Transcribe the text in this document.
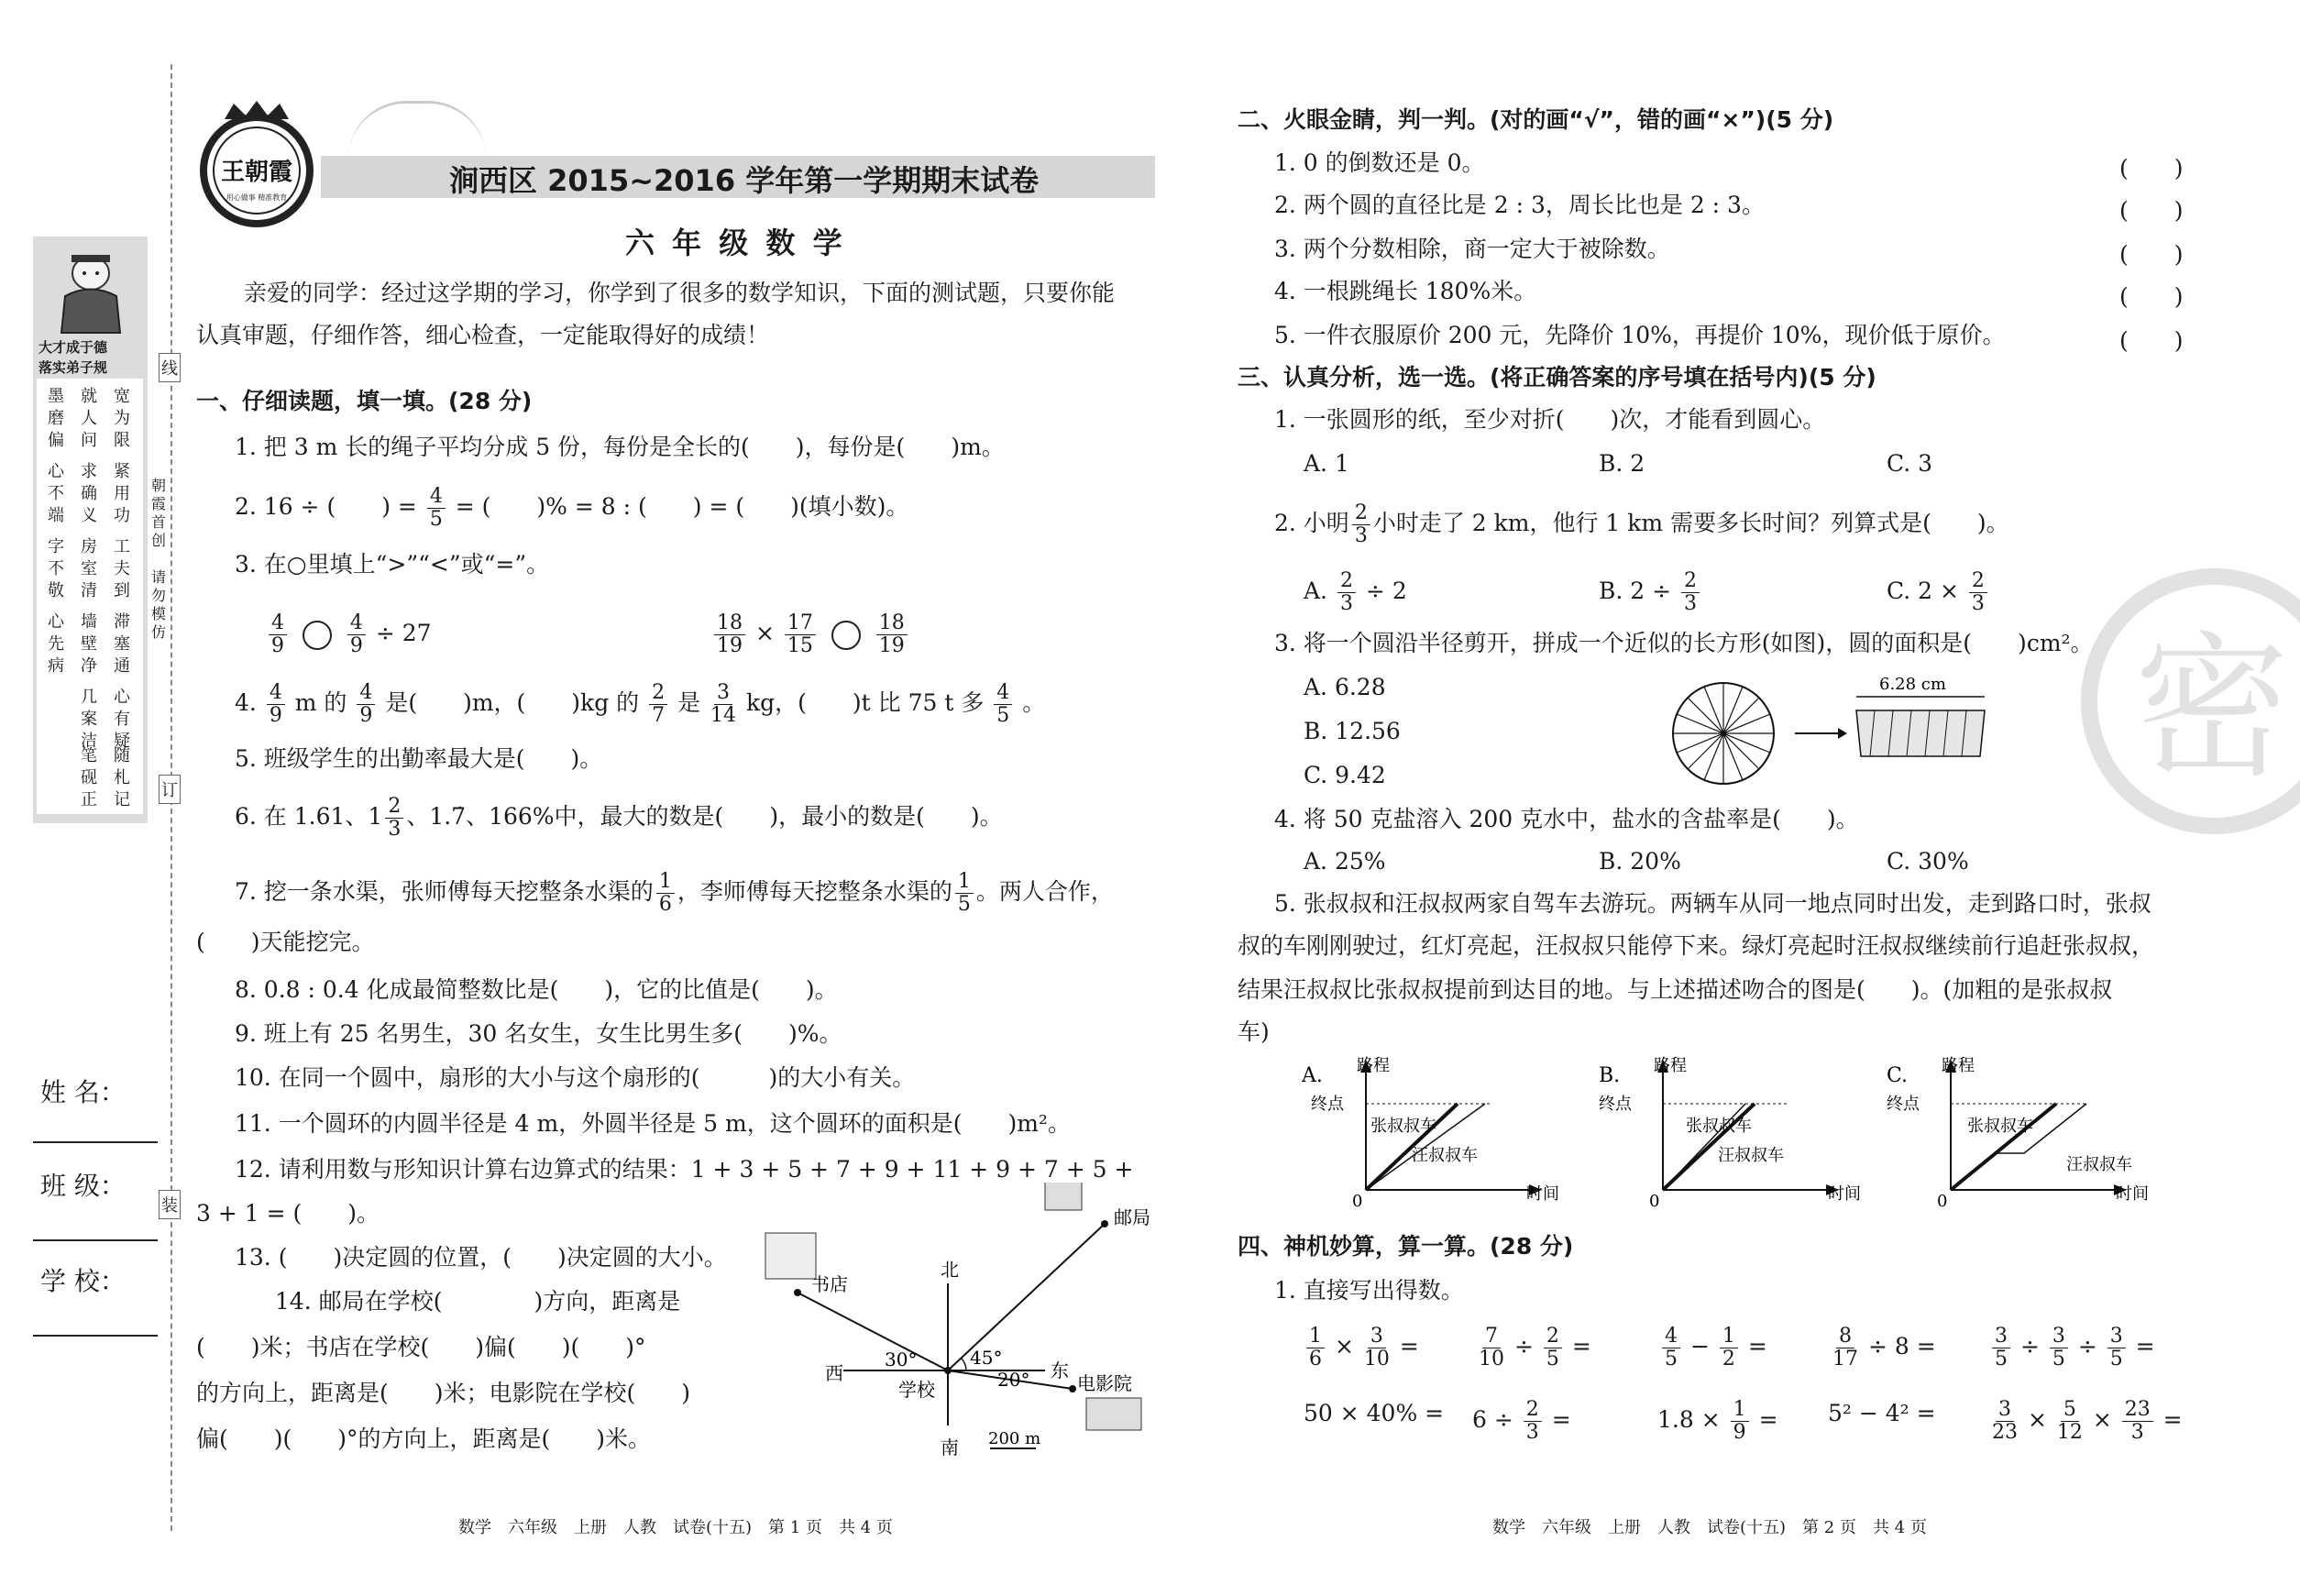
线
订
装
朝霞首创
请勿模仿
大才成于德
落实弟子规
宽为限
紧用功
工夫到
滞塞通
心有疑
随札记
就人问
求确义
房室清
墙壁净
几案洁
笔砚正
墨磨偏
心不端
字不敬
心先病
姓 名：
班 级：
学 校：
王朝霞
用心做事 精准教育	涧西区 2015~2016 学年第一学期期末试卷
六 年 级 数 学
亲爱的同学：经过这学期的学习，你学到了很多的数学知识，下面的测试题，只要你能
认真审题，仔细作答，细心检查，一定能取得好的成绩！
一、仔细读题，填一填。(28 分)
1. 把 3 m 长的绳子平均分成 5 份，每份是全长的(　　)，每份是(　　)m。
2. 16 ÷ (　　) = $\frac{4}{5}$ = (　　)% = 8 : (　　) = (　　)(填小数)。
3. 在○里填上“>”“<”或“=”。
$\frac{4}{9}$
	$\frac{4}{9} \div 27$	$\frac{18}{19} \times \frac{17}{15}$
	$\frac{18}{19}$
4. $\frac{4}{9}$ m 的 $\frac{4}{9}$ 是(　　)m，(　　)kg 的 $\frac{2}{7}$ 是 $\frac{3}{14}$ kg，(　　)t 比 75 t 多 $\frac{4}{5}$ 。
5. 班级学生的出勤率最大是(　　)。
6. 在 1.61、$1 \frac{2}{3}$ 、1.7̇、166%中，最大的数是(　　)，最小的数是(　　)。
7. 挖一条水渠，张师傅每天挖整条水渠的 $\frac{1}{6}$ ，李师傅每天挖整条水渠的 $\frac{1}{5}$ 。两人合作，
(　　)天能挖完。
8. 0.8 : 0.4 化成最简整数比是(　　)，它的比值是(　　)。
9. 班上有 25 名男生，30 名女生，女生比男生多(　　)%。
10. 在同一个圆中，扇形的大小与这个扇形的(　　　)的大小有关。
11. 一个圆环的内圆半径是 4 m，外圆半径是 5 m，这个圆环的面积是(　　)m²。
12. 请利用数与形知识计算右边算式的结果：1 + 3 + 5 + 7 + 9 + 11 + 9 + 7 + 5 +
3 + 1 = (　　)。
13. (　　)决定圆的位置，(　　)决定圆的大小。
14. 邮局在学校(　　　　)方向，距离是
(　　)米；书店在学校(　　)偏(　　)(　　)°
的方向上，距离是(　　)米；电影院在学校(　　)
偏(　　)(　　)°的方向上，距离是(　　)米。
北
南
西	东
学校
邮局
书店
电影院
45°
30°
20°
200 m
数学　六年级　上册　人教　试卷(十五)　第 1 页　共 4 页
二、火眼金睛，判一判。(对的画“√”，错的画“×”)(5 分)
1. 0 的倒数还是 0。
2. 两个圆的直径比是 2 : 3，周长比也是 2 : 3。
3. 两个分数相除，商一定大于被除数。
4. 一根跳绳长 180%米。
5. 一件衣服原价 200 元，先降价 10%，再提价 10%，现价低于原价。
(　　)
(　　)
(　　)
(　　)
(　　)
三、认真分析，选一选。(将正确答案的序号填在括号内)(5 分)
1. 一张圆形的纸，至少对折(　　)次，才能看到圆心。
A. 1	B. 2	C. 3
2. 小明 $\frac{2}{3}$ 小时走了 2 km，他行 1 km 需要多长时间？列算式是(　　)。
A. $\frac{2}{3} \div 2$	B. $2 \div \frac{2}{3}$	C. $2 \times \frac{2}{3}$
3. 将一个圆沿半径剪开，拼成一个近似的长方形(如图)，圆的面积是(　　)cm²。
A. 6.28
B. 12.56
C. 9.42
6.28 cm
4. 将 50 克盐溶入 200 克水中，盐水的含盐率是(　　)。
A. 25%	B. 20%	C. 30%
5. 张叔叔和汪叔叔两家自驾车去游玩。两辆车从同一地点同时出发，走到路口时，张叔
叔的车刚刚驶过，红灯亮起，汪叔叔只能停下来。绿灯亮起时汪叔叔继续前行追赶张叔叔，
结果汪叔叔比张叔叔提前到达目的地。与上述描述吻合的图是(　　)。(加粗的是张叔叔
车)
A. 路程
终点
张叔叔车
汪叔叔车
时间
0
B. 路程
终点
张叔叔车
汪叔叔车
时间
0
C. 路程
终点
张叔叔车
汪叔叔车
时间
0
四、神机妙算，算一算。(28 分)
1. 直接写出得数。
$\frac{1}{6} \times \frac{3}{10}$ =	$\frac{7}{10} \div \frac{2}{5}$ =	$\frac{4}{5} - \frac{1}{2}$ =	$\frac{8}{17} \div 8$ =	$\frac{3}{5} \div \frac{3}{5} \div \frac{3}{5}$ =
$50 \times 40\% = 6 \div \frac{2}{3}$ =	$1.8 \times \frac{1}{9} = 5^2 - 4^2$ =	$\frac{3}{23} \times \frac{5}{12} \times \frac{23}{3}$ =
密
数学　六年级　上册　人教　试卷(十五)　第 2 页　共 4 页
